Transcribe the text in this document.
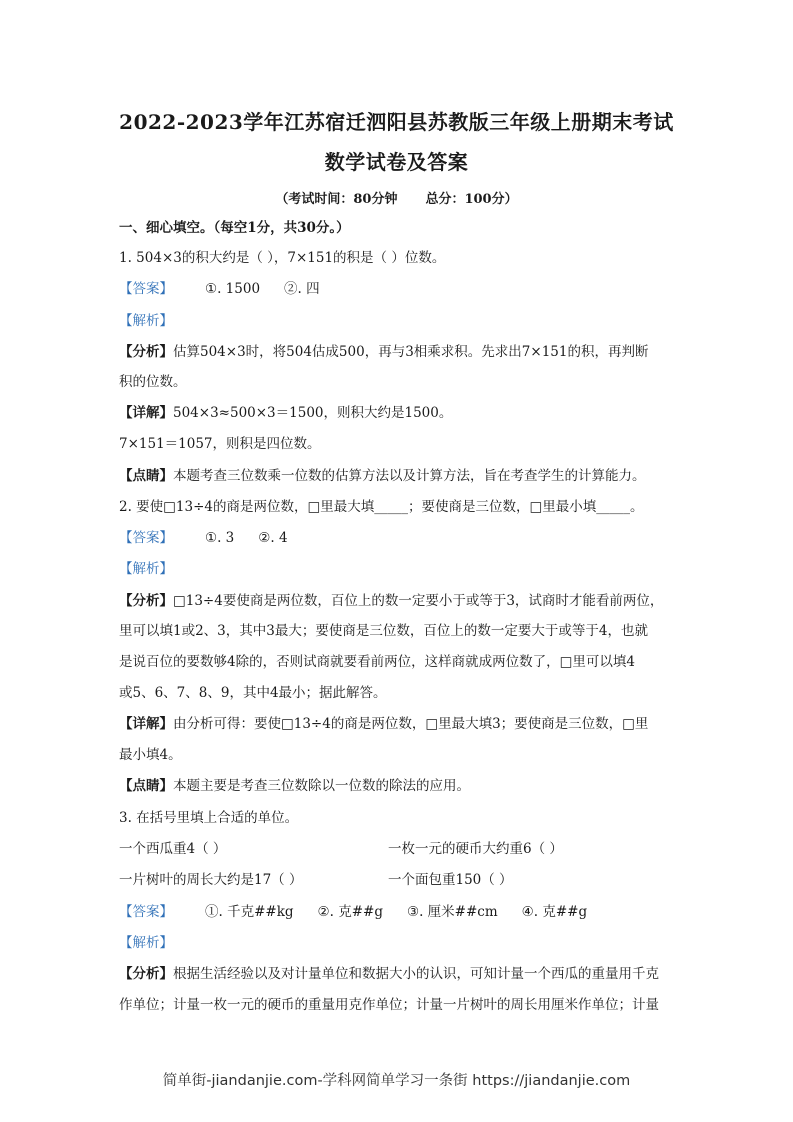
2022-2023学年江苏宿迁泗阳县苏教版三年级上册期末考试
数学试卷及答案
（考试时间：80分钟 总分：100分）
一、细心填空。（每空1分，共30分。）
1. 504×3的积大约是（ ），7×151的积是（ ）位数。
【答案】 ①. 1500 ②. 四
【解析】
【分析】估算504×3时，将504估成500，再与3相乘求积。先求出7×151的积，再判断
积的位数。
【详解】504×3≈500×3＝1500，则积大约是1500。
7×151＝1057，则积是四位数。
【点睛】本题考查三位数乘一位数的估算方法以及计算方法，旨在考查学生的计算能力。
2. 要使□13÷4的商是两位数，□里最大填_____；要使商是三位数，□里最小填_____。
【答案】 ①. 3 ②. 4
【解析】
【分析】□13÷4要使商是两位数，百位上的数一定要小于或等于3，试商时才能看前两位，
里可以填1或2、3，其中3最大；要使商是三位数，百位上的数一定要大于或等于4，也就
是说百位的要数够4除的，否则试商就要看前两位，这样商就成两位数了，□里可以填4
或5、6、7、8、9，其中4最小；据此解答。
【详解】由分析可得：要使□13÷4的商是两位数，□里最大填3；要使商是三位数，□里
最小填4。
【点睛】本题主要是考查三位数除以一位数的除法的应用。
3. 在括号里填上合适的单位。
一个西瓜重4（ ）	一枚一元的硬币大约重6（ ）
一片树叶的周长大约是17（ ）	一个面包重150（ ）
【答案】 ①. 千克##kg ②. 克##g ③. 厘米##cm ④. 克##g
【解析】
【分析】根据生活经验以及对计量单位和数据大小的认识，可知计量一个西瓜的重量用千克
作单位；计量一枚一元的硬币的重量用克作单位；计量一片树叶的周长用厘米作单位；计量
简单街-jiandanjie.com-学科网简单学习一条街 https://jiandanjie.com
